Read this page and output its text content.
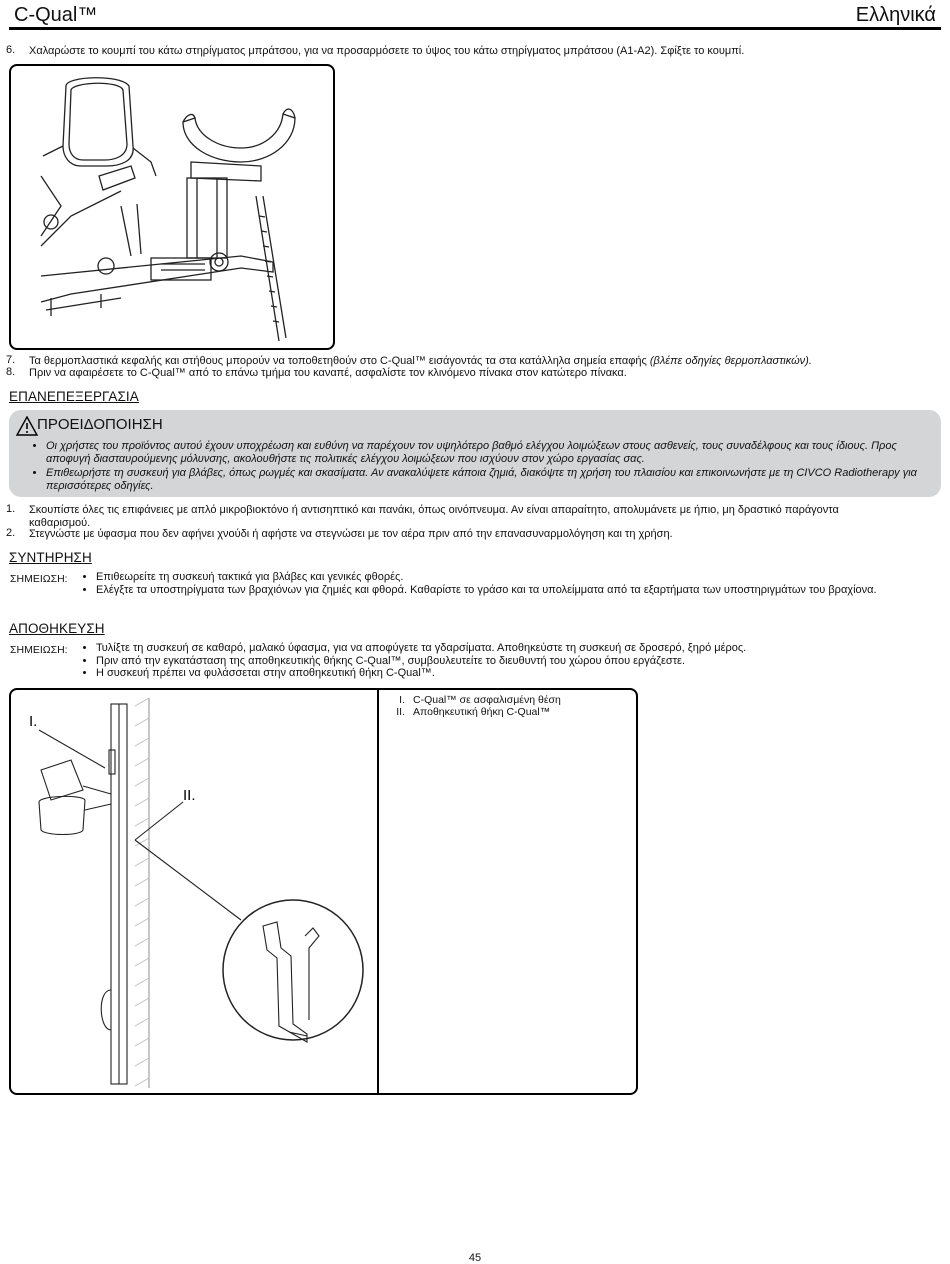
C-Qual™	Ελληνικά
6.	Χαλαρώστε το κουμπί του κάτω στηρίγματος μπράτσου, για να προσαρμόσετε το ύψος του κάτω στηρίγματος μπράτσου (A1-A2). Σφίξτε το κουμπί.
7.	Τα θερμοπλαστικά κεφαλής και στήθους μπορούν να τοποθετηθούν στο C-Qual™ εισάγοντάς τα στα κατάλληλα σημεία επαφής (βλέπε οδηγίες θερμοπλαστικών).
8.	Πριν να αφαιρέσετε το C-Qual™ από το επάνω τμήμα του καναπέ, ασφαλίστε τον κλινόμενο πίνακα στον κατώτερο πίνακα.
ΕΠΑΝΕΠΕΞΕΡΓΑΣΙΑ
ΠΡΟΕΙΔΟΠΟΙΗΣΗ
• Οι χρήστες του προϊόντος αυτού έχουν υποχρέωση και ευθύνη να παρέχουν τον υψηλότερο βαθμό ελέγχου λοιμώξεων στους ασθενείς, τους συναδέλφους και τους ίδιους. Προς αποφυγή διασταυρούμενης μόλυνσης, ακολουθήστε τις πολιτικές ελέγχου λοιμώξεων που ισχύουν στον χώρο εργασίας σας.
• Επιθεωρήστε τη συσκευή για βλάβες, όπως ρωγμές και σκασίματα. Αν ανακαλύψετε κάποια ζημιά, διακόψτε τη χρήση του πλαισίου και επικοινωνήστε με τη CIVCO Radiotherapy για περισσότερες οδηγίες.
1.	Σκουπίστε όλες τις επιφάνειες με απλό μικροβιοκτόνο ή αντισηπτικό και πανάκι, όπως οινόπνευμα. Αν είναι απαραίτητο, απολυμάνετε με ήπιο, μη δραστικό παράγοντα καθαρισμού.
2.	Στεγνώστε με ύφασμα που δεν αφήνει χνούδι ή αφήστε να στεγνώσει με τον αέρα πριν από την επανασυναρμολόγηση και τη χρήση.
ΣΥΝΤΗΡΗΣΗ
ΣΗΜΕΙΩΣΗ:	• Επιθεωρείτε τη συσκευή τακτικά για βλάβες και γενικές φθορές.
• Ελέγξτε τα υποστηρίγματα των βραχιόνων για ζημιές και φθορά. Καθαρίστε το γράσο και τα υπολείμματα από τα εξαρτήματα των υποστηριγμάτων του βραχίονα.
ΑΠΟΘΗΚΕΥΣΗ
ΣΗΜΕΙΩΣΗ:	• Τυλίξτε τη συσκευή σε καθαρό, μαλακό ύφασμα, για να αποφύγετε τα γδαρσίματα. Αποθηκεύστε τη συσκευή σε δροσερό, ξηρό μέρος.
• Πριν από την εγκατάσταση της αποθηκευτικής θήκης C-Qual™, συμβουλευτείτε το διευθυντή του χώρου όπου εργάζεστε.
• Η συσκευή πρέπει να φυλάσσεται στην αποθηκευτική θήκη C-Qual™.
I.
II.
I. C-Qual™ σε ασφαλισμένη θέση
II. Αποθηκευτική θήκη C-Qual™
45
